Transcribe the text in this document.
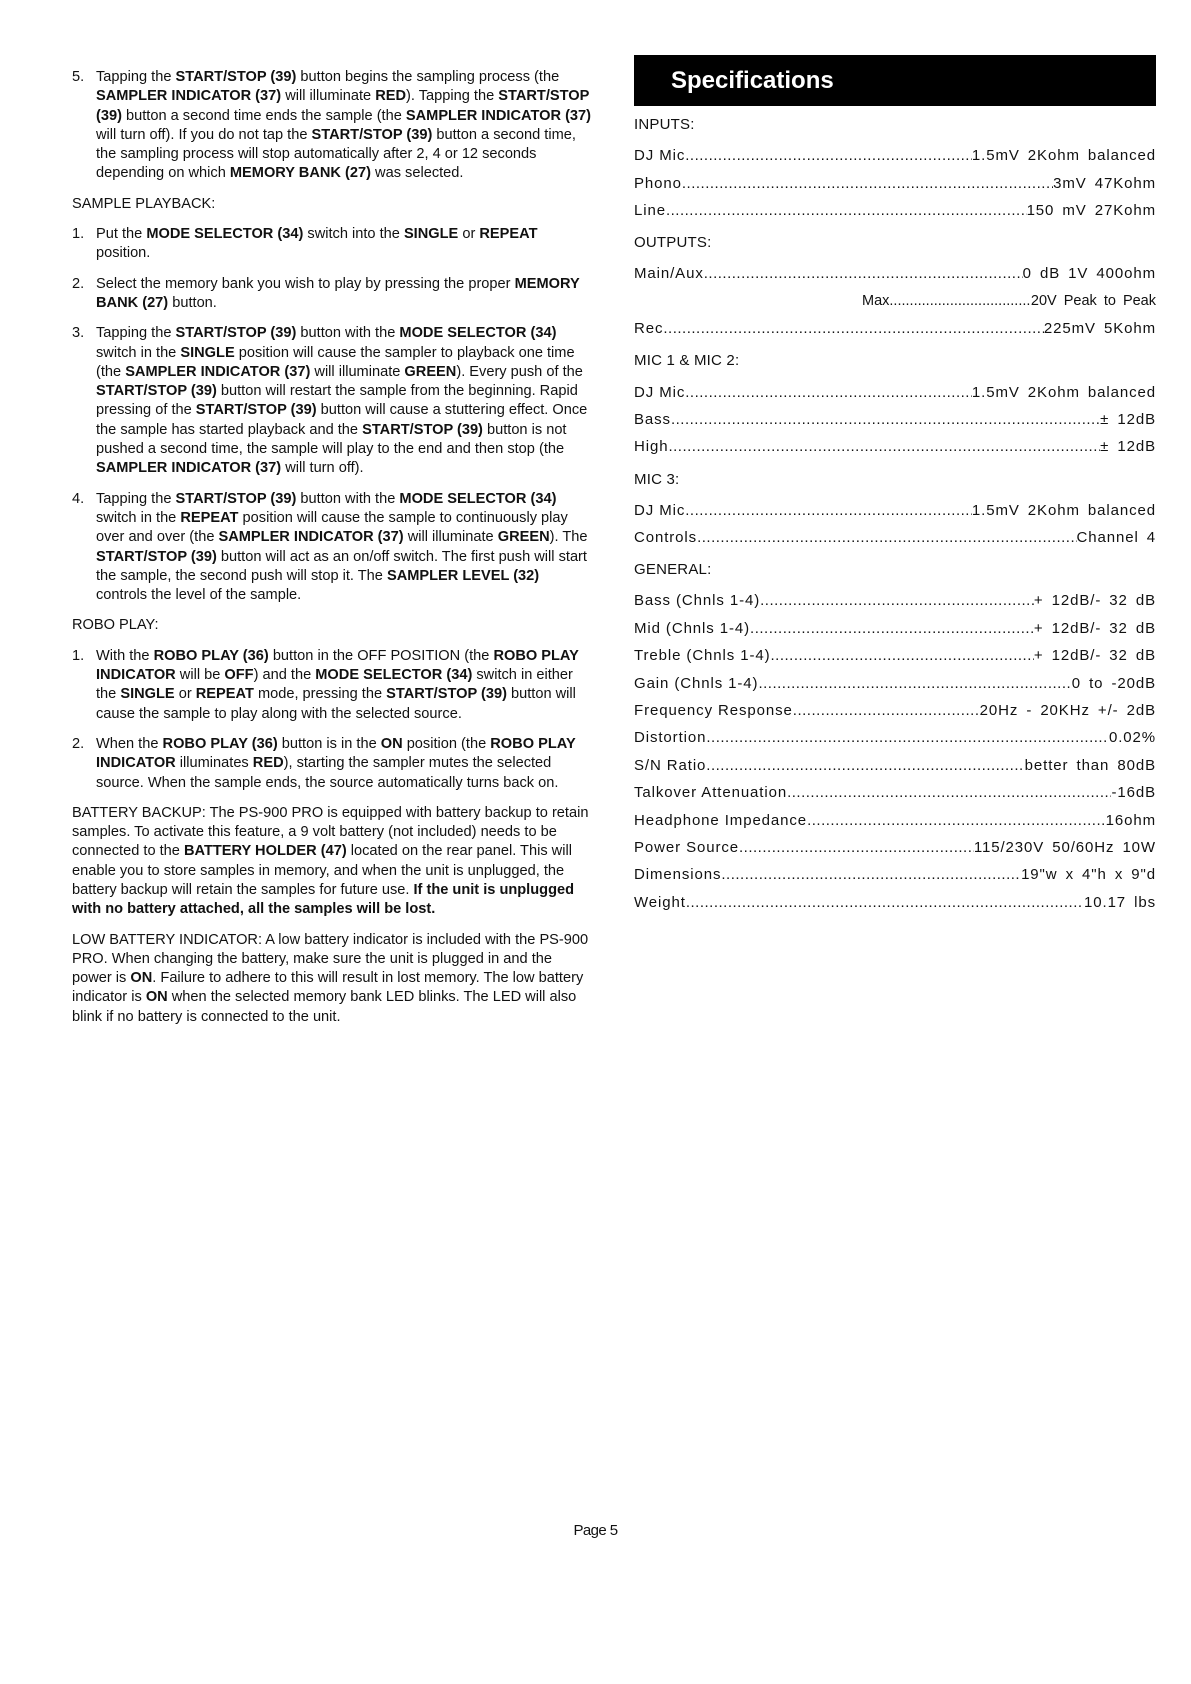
5. Tapping the START/STOP (39) button begins the sampling process (the SAMPLER INDICATOR (37) will illuminate RED). Tapping the START/STOP (39) button a second time ends the sample (the SAMPLER INDICATOR (37) will turn off). If you do not tap the START/STOP (39) button a second time, the sampling process will stop automatically after 2, 4 or 12 seconds depending on which MEMORY BANK (27) was selected.

SAMPLE PLAYBACK:

1. Put the MODE SELECTOR (34) switch into the SINGLE or REPEAT position.
2. Select the memory bank you wish to play by pressing the proper MEMORY BANK (27) button.
3. Tapping the START/STOP (39) button with the MODE SELECTOR (34) switch in the SINGLE position will cause the sampler to playback one time (the SAMPLER INDICATOR (37) will illuminate GREEN). Every push of the START/STOP (39) button will restart the sample from the beginning. Rapid pressing of the START/STOP (39) button will cause a stuttering effect. Once the sample has started playback and the START/STOP (39) button is not pushed a second time, the sample will play to the end and then stop (the SAMPLER INDICATOR (37) will turn off).
4. Tapping the START/STOP (39) button with the MODE SELECTOR (34) switch in the REPEAT position will cause the sample to continuously play over and over (the SAMPLER INDICATOR (37) will illuminate GREEN). The START/STOP (39) button will act as an on/off switch. The first push will start the sample, the second push will stop it. The SAMPLER LEVEL (32) controls the level of the sample.

ROBO PLAY:

1. With the ROBO PLAY (36) button in the OFF POSITION (the ROBO PLAY INDICATOR will be OFF) and the MODE SELECTOR (34) switch in either the SINGLE or REPEAT mode, pressing the START/STOP (39) button will cause the sample to play along with the selected source.
2. When the ROBO PLAY (36) button is in the ON position (the ROBO PLAY INDICATOR illuminates RED), starting the sampler mutes the selected source. When the sample ends, the source automatically turns back on.

BATTERY BACKUP: The PS-900 PRO is equipped with battery backup to retain samples. To activate this feature, a 9 volt battery (not included) needs to be connected to the BATTERY HOLDER (47) located on the rear panel. This will enable you to store samples in memory, and when the unit is unplugged, the battery backup will retain the samples for future use. If the unit is unplugged with no battery attached, all the samples will be lost.

LOW BATTERY INDICATOR: A low battery indicator is included with the PS-900 PRO. When changing the battery, make sure the unit is plugged in and the power is ON. Failure to adhere to this will result in lost memory. The low battery indicator is ON when the selected memory bank LED blinks. The LED will also blink if no battery is connected to the unit.

Specifications
INPUTS:
DJ Mic .....	1.5mV 2Kohm balanced
Phono .....	3mV 47Kohm
Line .....	150 mV 27Kohm
OUTPUTS:
Main/Aux .....	0 dB 1V 400ohm
Max .....	20V Peak to Peak
Rec .....	225mV 5Kohm
MIC 1 & MIC 2:
DJ Mic .....	1.5mV 2Kohm balanced
Bass .....	± 12dB
High .....	± 12dB
MIC 3:
DJ Mic .....	1.5mV 2Kohm balanced
Controls .....	Channel 4
GENERAL:
Bass (Chnls 1-4) .....	+ 12dB/- 32 dB
Mid (Chnls 1-4) .....	+ 12dB/- 32 dB
Treble (Chnls 1-4) .....	+ 12dB/- 32 dB
Gain (Chnls 1-4) .....	0 to -20dB
Frequency Response .....	20Hz - 20KHz +/- 2dB
Distortion .....	0.02%
S/N Ratio .....	better than 80dB
Talkover Attenuation .....	-16dB
Headphone Impedance .....	16ohm
Power Source .....	115/230V 50/60Hz 10W
Dimensions .....	19"w x 4"h x 9"d
Weight .....	10.17 lbs
Page 5
